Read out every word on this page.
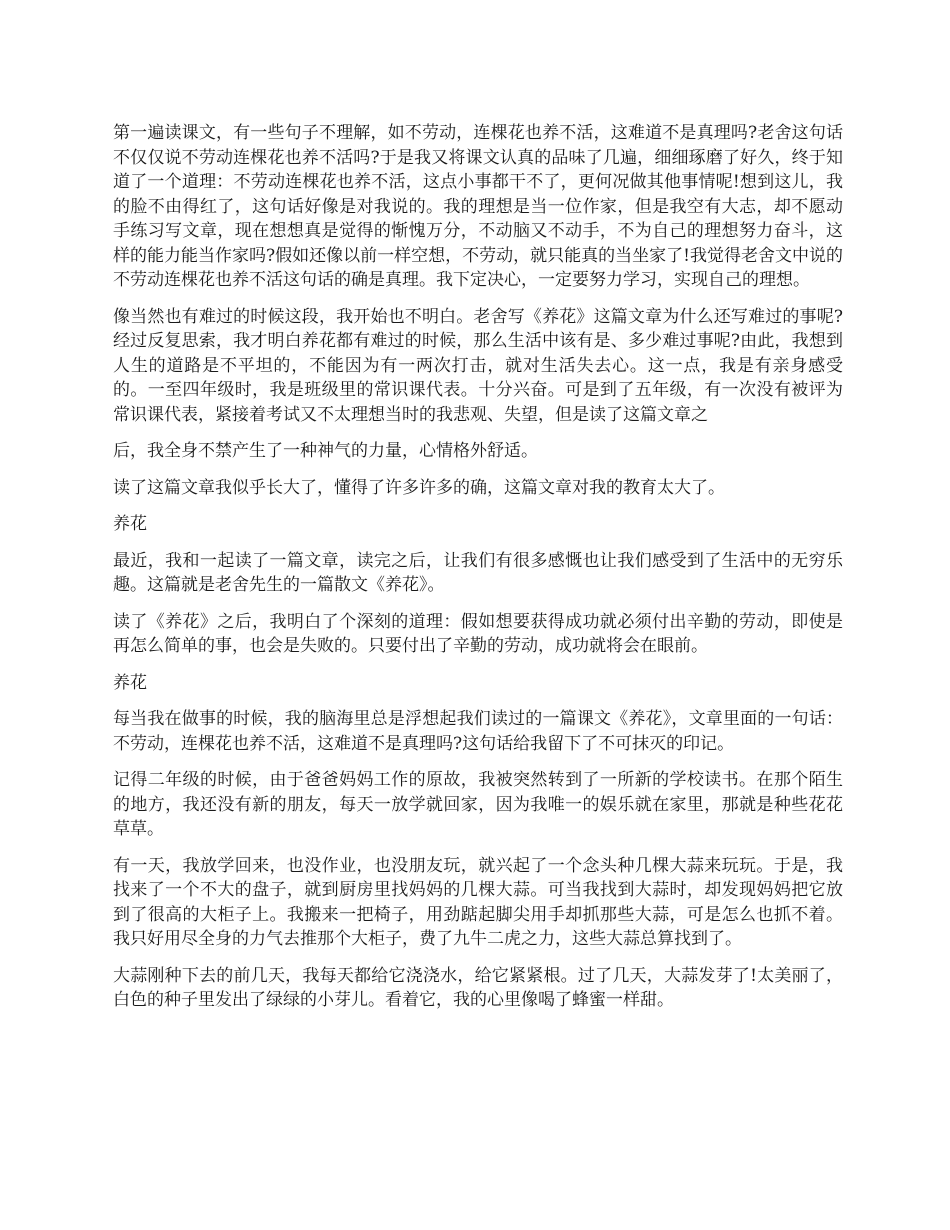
第一遍读课文，有一些句子不理解，如不劳动，连棵花也养不活，这难道不是真理吗?老舍这句话不仅仅说不劳动连棵花也养不活吗?于是我又将课文认真的品味了几遍，细细琢磨了好久，终于知道了一个道理：不劳动连棵花也养不活，这点小事都干不了，更何况做其他事情呢!想到这儿，我的脸不由得红了，这句话好像是对我说的。我的理想是当一位作家，但是我空有大志，却不愿动手练习写文章，现在想想真是觉得的惭愧万分，不动脑又不动手，不为自己的理想努力奋斗，这样的能力能当作家吗?假如还像以前一样空想，不劳动，就只能真的当坐家了!我觉得老舍文中说的不劳动连棵花也养不活这句话的确是真理。我下定决心，一定要努力学习，实现自己的理想。

像当然也有难过的时候这段，我开始也不明白。老舍写《养花》这篇文章为什么还写难过的事呢?经过反复思索，我才明白养花都有难过的时候，那么生活中该有是、多少难过事呢?由此，我想到人生的道路是不平坦的，不能因为有一两次打击，就对生活失去心。这一点，我是有亲身感受的。一至四年级时，我是班级里的常识课代表。十分兴奋。可是到了五年级，有一次没有被评为常识课代表，紧接着考试又不太理想当时的我悲观、失望，但是读了这篇文章之

后，我全身不禁产生了一种神气的力量，心情格外舒适。

读了这篇文章我似乎长大了，懂得了许多许多的确，这篇文章对我的教育太大了。

养花

最近，我和一起读了一篇文章，读完之后，让我们有很多感慨也让我们感受到了生活中的无穷乐趣。这篇就是老舍先生的一篇散文《养花》。

读了《养花》之后，我明白了个深刻的道理：假如想要获得成功就必须付出辛勤的劳动，即使是再怎么简单的事，也会是失败的。只要付出了辛勤的劳动，成功就将会在眼前。

养花

每当我在做事的时候，我的脑海里总是浮想起我们读过的一篇课文《养花》，文章里面的一句话：不劳动，连棵花也养不活，这难道不是真理吗?这句话给我留下了不可抹灭的印记。

记得二年级的时候，由于爸爸妈妈工作的原故，我被突然转到了一所新的学校读书。在那个陌生的地方，我还没有新的朋友，每天一放学就回家，因为我唯一的娱乐就在家里，那就是种些花花草草。

有一天，我放学回来，也没作业，也没朋友玩，就兴起了一个念头种几棵大蒜来玩玩。于是，我找来了一个不大的盘子，就到厨房里找妈妈的几棵大蒜。可当我找到大蒜时，却发现妈妈把它放到了很高的大柜子上。我搬来一把椅子，用劲踮起脚尖用手却抓那些大蒜，可是怎么也抓不着。我只好用尽全身的力气去推那个大柜子，费了九牛二虎之力，这些大蒜总算找到了。

大蒜刚种下去的前几天，我每天都给它浇浇水，给它紧紧根。过了几天，大蒜发芽了!太美丽了，白色的种子里发出了绿绿的小芽儿。看着它，我的心里像喝了蜂蜜一样甜。
